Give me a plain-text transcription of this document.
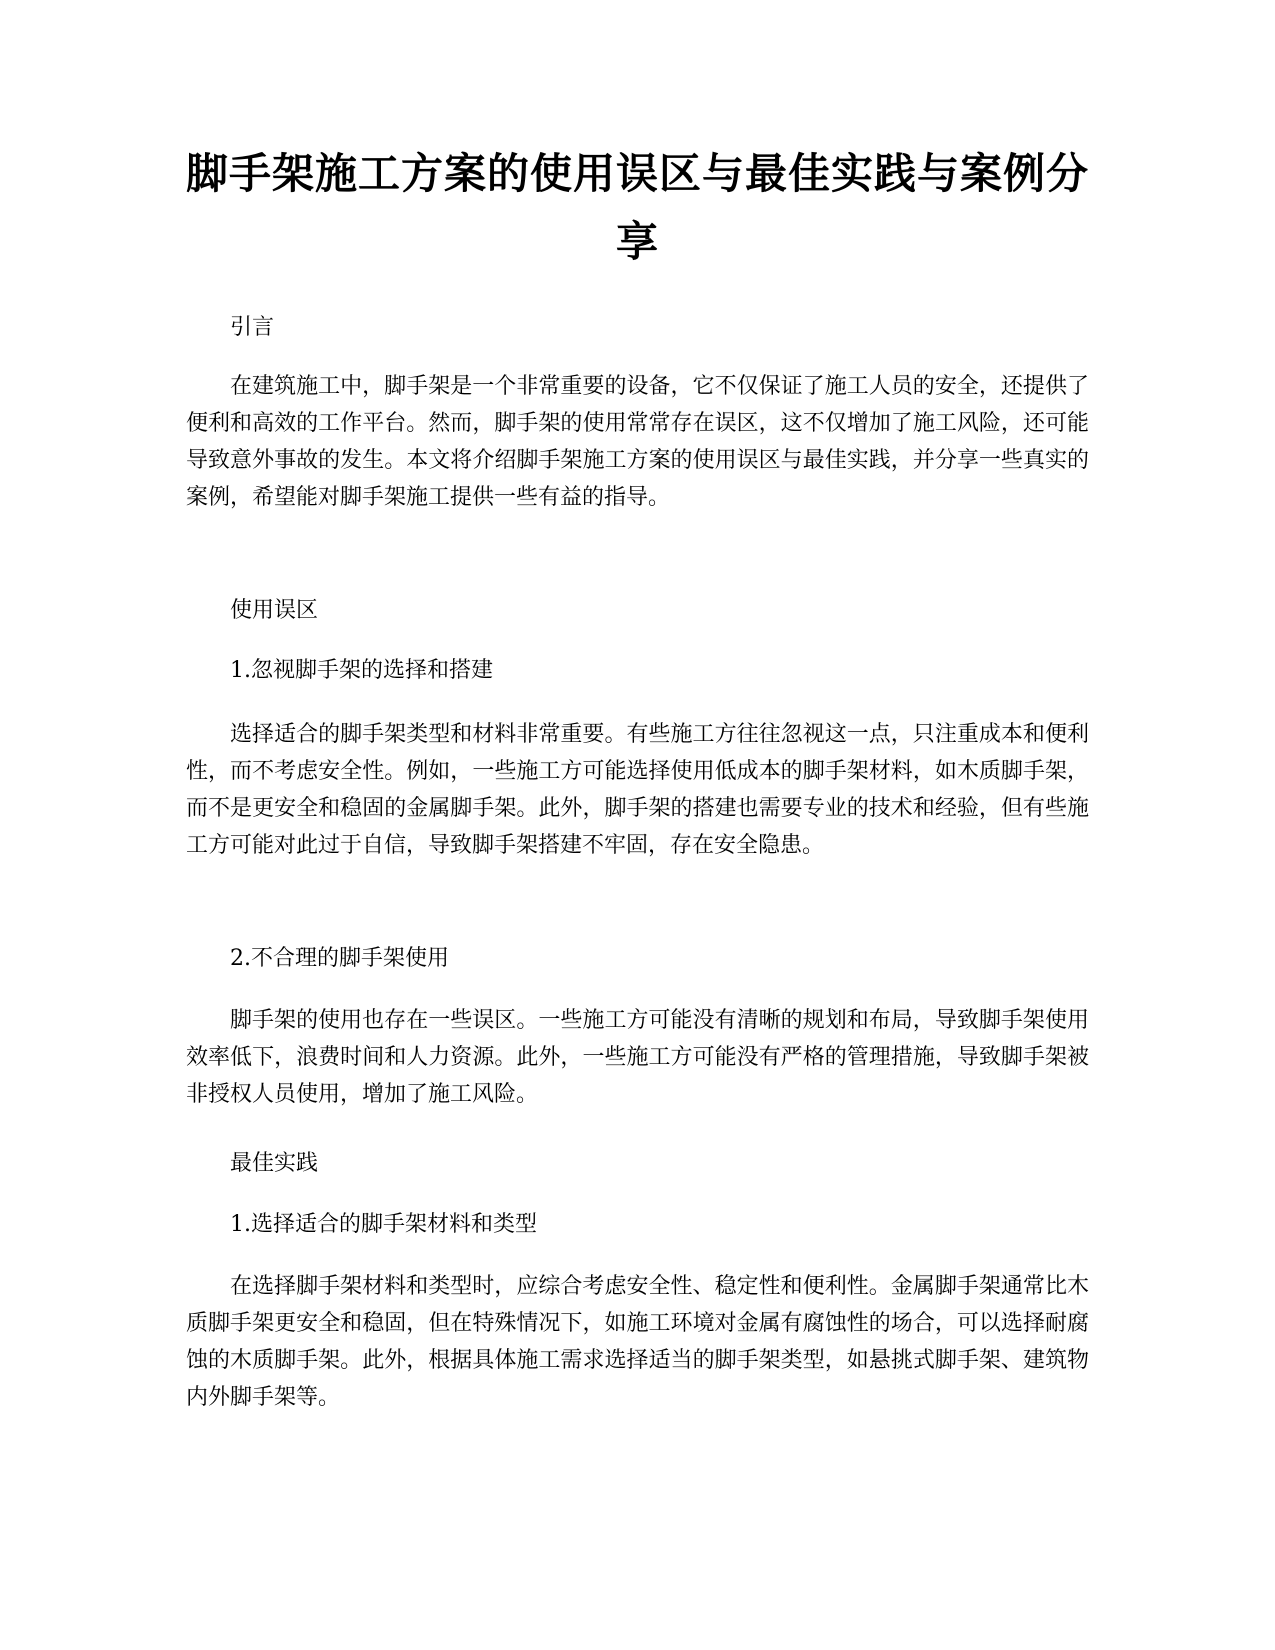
脚手架施工方案的使用误区与最佳实践与案例分享

引言

在建筑施工中，脚手架是一个非常重要的设备，它不仅保证了施工人员的安全，还提供了便利和高效的工作平台。然而，脚手架的使用常常存在误区，这不仅增加了施工风险，还可能导致意外事故的发生。本文将介绍脚手架施工方案的使用误区与最佳实践，并分享一些真实的案例，希望能对脚手架施工提供一些有益的指导。

使用误区

1.忽视脚手架的选择和搭建

选择适合的脚手架类型和材料非常重要。有些施工方往往忽视这一点，只注重成本和便利性，而不考虑安全性。例如，一些施工方可能选择使用低成本的脚手架材料，如木质脚手架，而不是更安全和稳固的金属脚手架。此外，脚手架的搭建也需要专业的技术和经验，但有些施工方可能对此过于自信，导致脚手架搭建不牢固，存在安全隐患。

2.不合理的脚手架使用

脚手架的使用也存在一些误区。一些施工方可能没有清晰的规划和布局，导致脚手架使用效率低下，浪费时间和人力资源。此外，一些施工方可能没有严格的管理措施，导致脚手架被非授权人员使用，增加了施工风险。

最佳实践

1.选择适合的脚手架材料和类型

在选择脚手架材料和类型时，应综合考虑安全性、稳定性和便利性。金属脚手架通常比木质脚手架更安全和稳固，但在特殊情况下，如施工环境对金属有腐蚀性的场合，可以选择耐腐蚀的木质脚手架。此外，根据具体施工需求选择适当的脚手架类型，如悬挑式脚手架、建筑物内外脚手架等。
